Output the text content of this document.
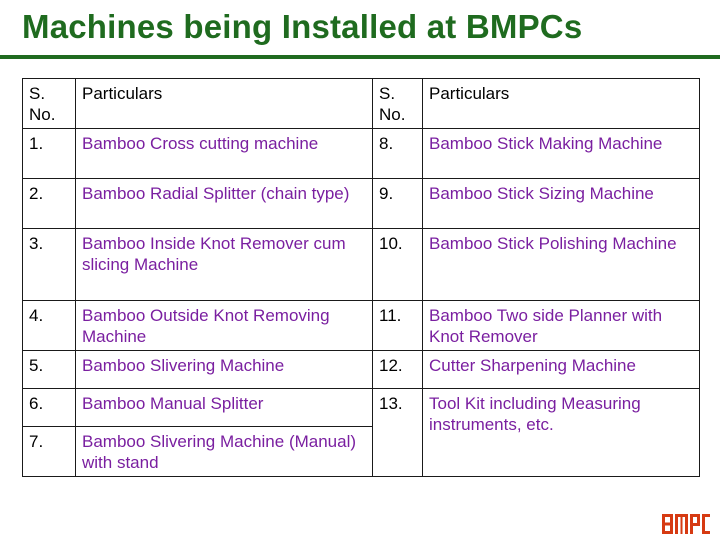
Machines being Installed at BMPCs
S. No.	Particulars	S. No.	Particulars
1.	Bamboo Cross cutting machine	8.	Bamboo Stick Making Machine
2.	Bamboo Radial Splitter (chain type)	9.	Bamboo Stick Sizing Machine
3.	Bamboo Inside Knot Remover cum slicing Machine	10.	Bamboo Stick Polishing Machine
4.	Bamboo Outside Knot Removing Machine	11.	Bamboo Two side Planner with Knot Remover
5.	Bamboo Slivering Machine	12.	Cutter Sharpening Machine
6.	Bamboo Manual Splitter	13.	Tool Kit including Measuring instruments, etc.
7.	Bamboo Slivering Machine (Manual) with stand		
